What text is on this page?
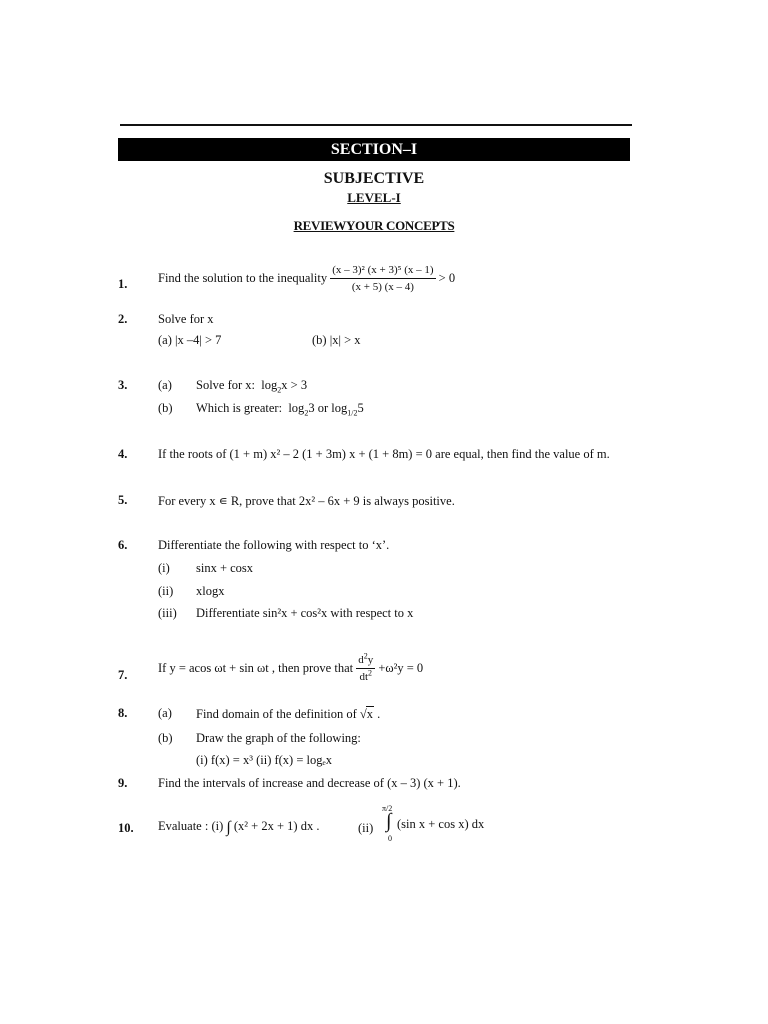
SECTION–I
SUBJECTIVE
LEVEL-I
REVIEWYOUR CONCEPTS
1. Find the solution to the inequality $\frac{\text{(x – 3)² (x + 3)⁵ (x – 1)}}{(x + 5) (x - 4)} > 0$
2. Solve for x
(a) |x –4| > 7	(b) |x| > x
3. (a) Solve for x:  $\log_2x > 3$
(b) Which is greater:  $\log_23$ or $\log_{1/2}5$
4. If the roots of (1 + m) x² – 2 (1 + 3m) x + (1 + 8m) = 0 are equal, then find the value of m.
5. For every x ∊ R, prove that 2x² – 6x + 9 is always positive.
6. Differentiate the following with respect to ‘x’.
(i) sinx + cosx
(ii) xlogx
(iii) Differentiate sin²x + cos²x with respect to x
7. If y = acos ωt + sin ωt , then prove that $\frac{d^2y}{dt^2} +\omega^2y = 0$
8. (a) Find domain of the definition of √x .
(b) Draw the graph of the following:
(i) f(x) = x³ (ii) f(x) = logₑx
9. Find the intervals of increase and decrease of (x – 3) (x + 1).
10. Evaluate : (i) ∫ (x² + 2x + 1) dx .	(ii)
π/2
∫
0
(sin x + cos x) dx
